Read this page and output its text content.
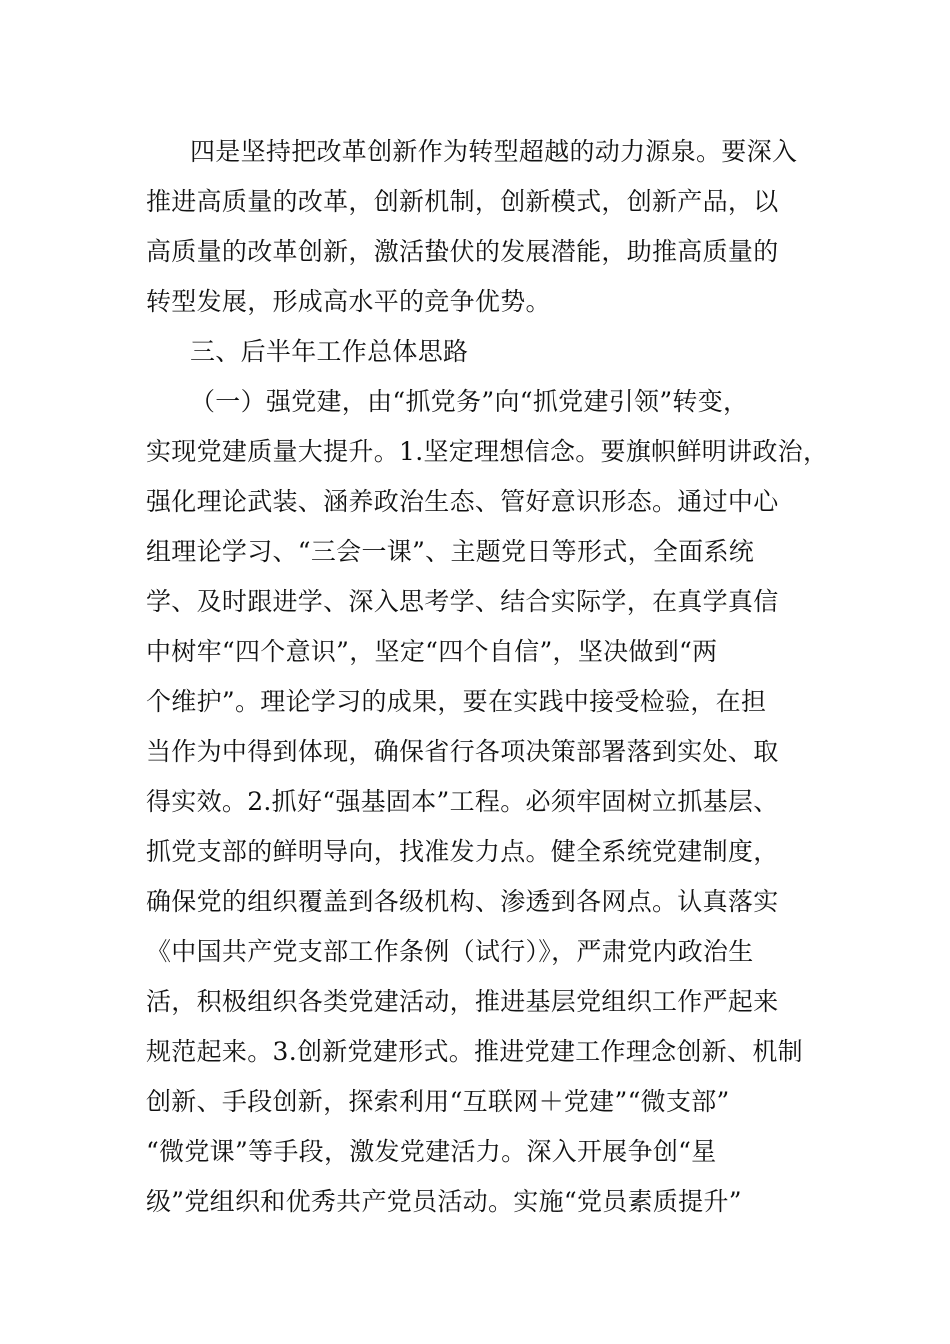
四是坚持把改革创新作为转型超越的动力源泉。要深入
推进高质量的改革，创新机制，创新模式，创新产品，以
高质量的改革创新，激活蛰伏的发展潜能，助推高质量的
转型发展，形成高水平的竞争优势。
三、后半年工作总体思路
（一）强党建，由“抓党务”向“抓党建引领”转变，
实现党建质量大提升。1.坚定理想信念。要旗帜鲜明讲政治，
强化理论武装、涵养政治生态、管好意识形态。通过中心
组理论学习、“三会一课”、主题党日等形式，全面系统
学、及时跟进学、深入思考学、结合实际学，在真学真信
中树牢“四个意识”，坚定“四个自信”，坚决做到“两
个维护”。理论学习的成果，要在实践中接受检验，在担
当作为中得到体现，确保省行各项决策部署落到实处、取
得实效。2.抓好“强基固本”工程。必须牢固树立抓基层、
抓党支部的鲜明导向，找准发力点。健全系统党建制度，
确保党的组织覆盖到各级机构、渗透到各网点。认真落实
《中国共产党支部工作条例（试行）》，严肃党内政治生
活，积极组织各类党建活动，推进基层党组织工作严起来
规范起来。3.创新党建形式。推进党建工作理念创新、机制
创新、手段创新，探索利用“互联网＋党建”“微支部”
“微党课”等手段，激发党建活力。深入开展争创“星
级”党组织和优秀共产党员活动。实施“党员素质提升”
